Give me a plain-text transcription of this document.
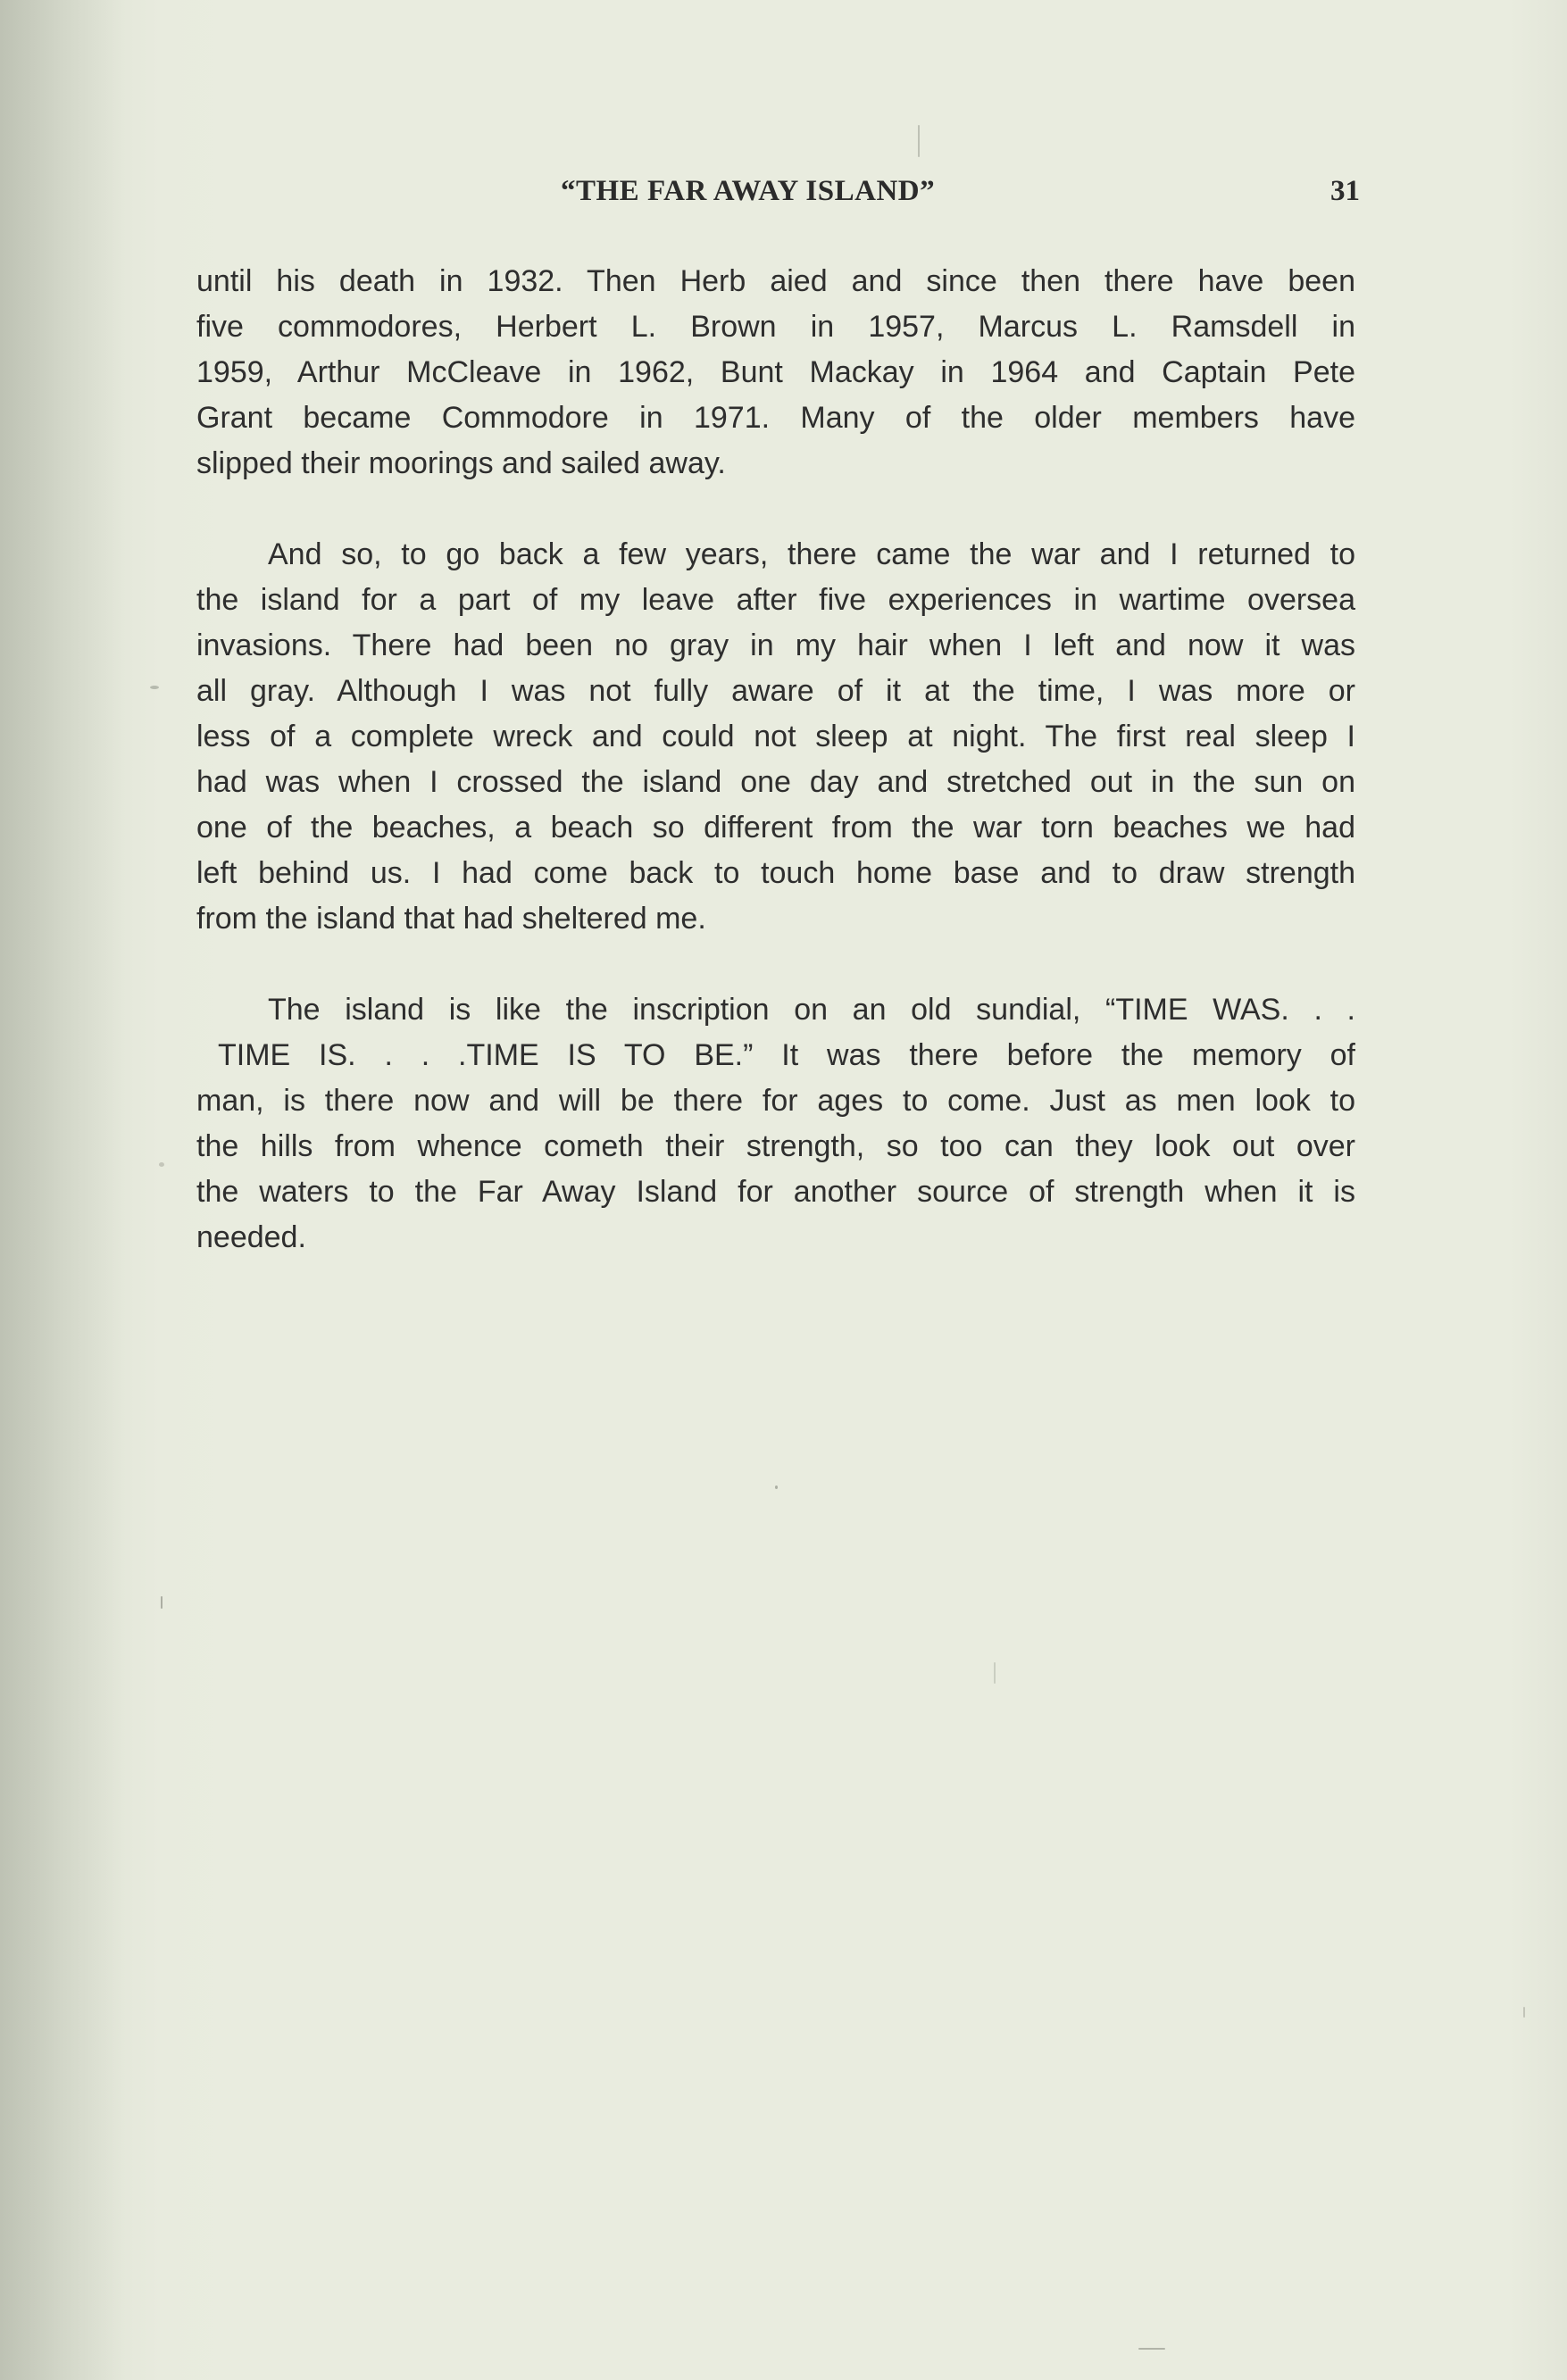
“THE FAR AWAY ISLAND”	31
until his death in 1932. Then Herb aied and since then there have been
five commodores, Herbert L. Brown in 1957, Marcus L. Ramsdell in
1959, Arthur McCleave in 1962, Bunt Mackay in 1964 and Captain Pete
Grant became Commodore in 1971. Many of the older members have
slipped their moorings and sailed away.
And so, to go back a few years, there came the war and I returned to
the island for a part of my leave after five experiences in wartime oversea
invasions. There had been no gray in my hair when I left and now it was
all gray. Although I was not fully aware of it at the time, I was more or
less of a complete wreck and could not sleep at night. The first real sleep I
had was when I crossed the island one day and stretched out in the sun on
one of the beaches, a beach so different from the war torn beaches we had
left behind us. I had come back to touch home base and to draw strength
from the island that had sheltered me.
The island is like the inscription on an old sundial, “TIME WAS. . .
TIME IS. . . .TIME IS TO BE.” It was there before the memory of
man, is there now and will be there for ages to come. Just as men look to
the hills from whence cometh their strength, so too can they look out over
the waters to the Far Away Island for another source of strength when it is
needed.
